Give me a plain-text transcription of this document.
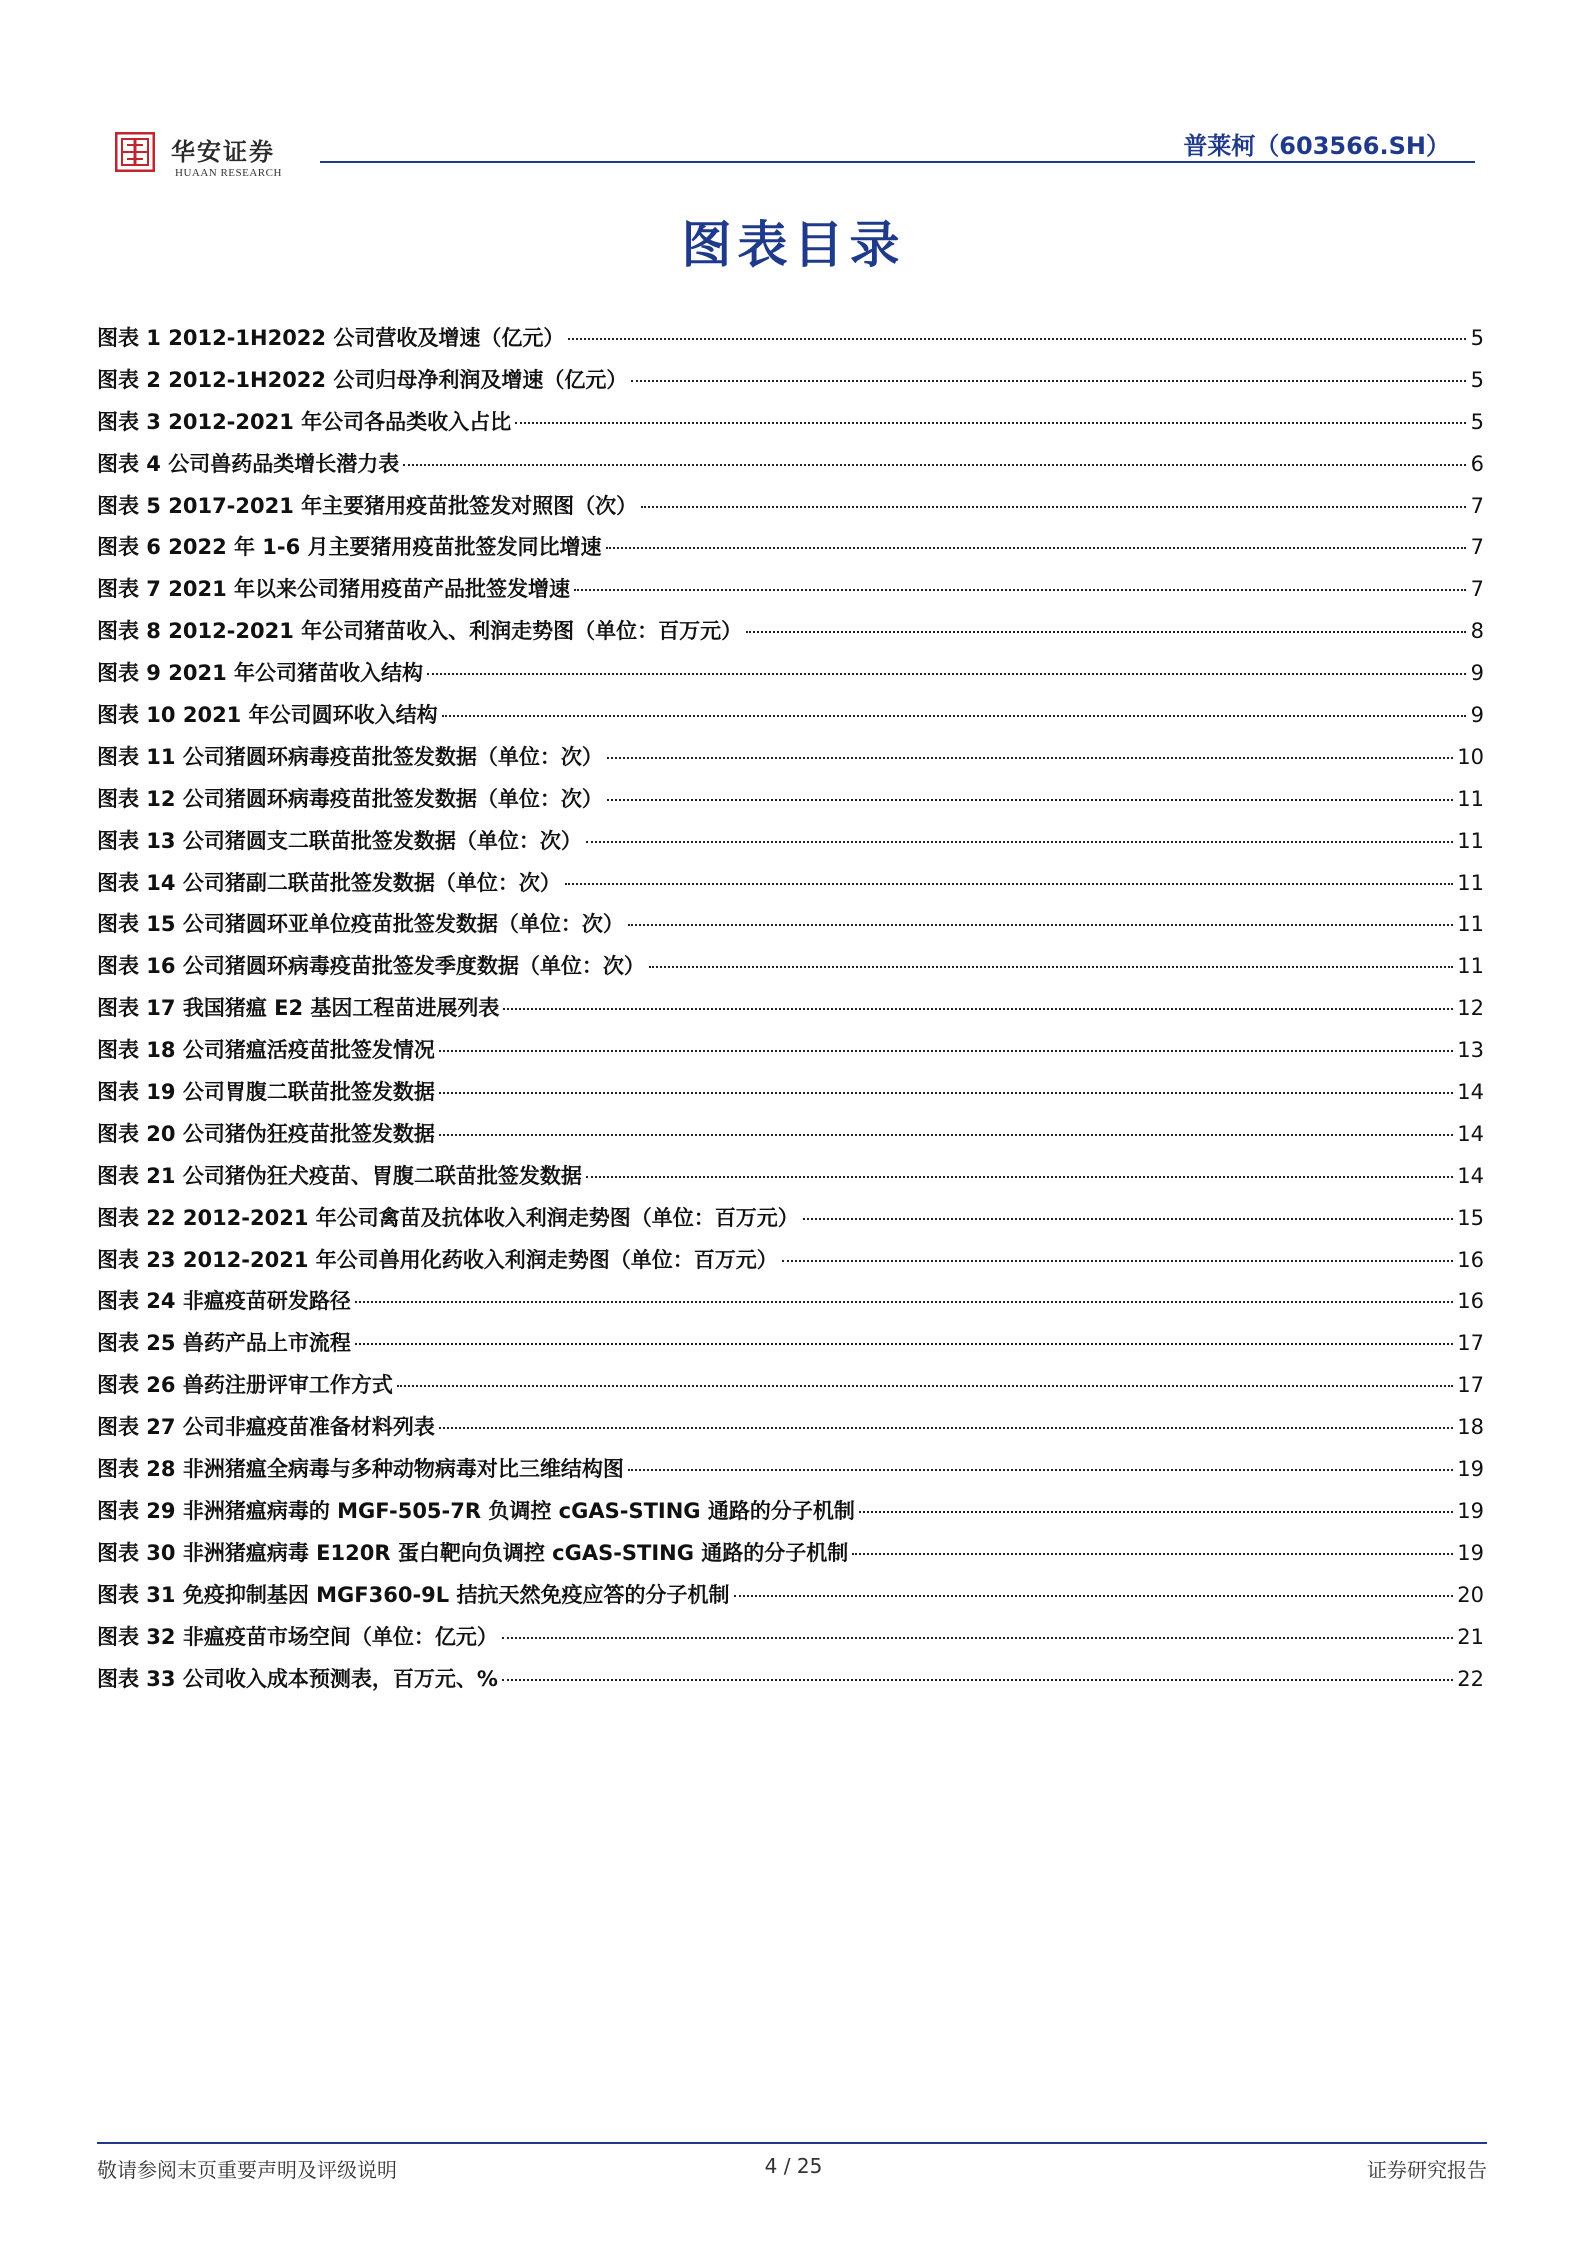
华安证券
HUAAN RESEARCH
普莱柯（603566.SH）
图表目录
图表 1 2012-1H2022 公司营收及增速（亿元）	5
图表 2 2012-1H2022 公司归母净利润及增速（亿元）	5
图表 3 2012-2021 年公司各品类收入占比	5
图表 4 公司兽药品类增长潜力表	6
图表 5 2017-2021 年主要猪用疫苗批签发对照图（次）	7
图表 6 2022 年 1-6 月主要猪用疫苗批签发同比增速	7
图表 7 2021 年以来公司猪用疫苗产品批签发增速	7
图表 8 2012-2021 年公司猪苗收入、利润走势图（单位：百万元）	8
图表 9 2021 年公司猪苗收入结构	9
图表 10 2021 年公司圆环收入结构	9
图表 11 公司猪圆环病毒疫苗批签发数据（单位：次）	10
图表 12 公司猪圆环病毒疫苗批签发数据（单位：次）	11
图表 13 公司猪圆支二联苗批签发数据（单位：次）	11
图表 14 公司猪副二联苗批签发数据（单位：次）	11
图表 15 公司猪圆环亚单位疫苗批签发数据（单位：次）	11
图表 16 公司猪圆环病毒疫苗批签发季度数据（单位：次）	11
图表 17 我国猪瘟 E2 基因工程苗进展列表	12
图表 18 公司猪瘟活疫苗批签发情况	13
图表 19 公司胃腹二联苗批签发数据	14
图表 20 公司猪伪狂疫苗批签发数据	14
图表 21 公司猪伪狂犬疫苗、胃腹二联苗批签发数据	14
图表 22 2012-2021 年公司禽苗及抗体收入利润走势图（单位：百万元）	15
图表 23 2012-2021 年公司兽用化药收入利润走势图（单位：百万元）	16
图表 24 非瘟疫苗研发路径	16
图表 25 兽药产品上市流程	17
图表 26 兽药注册评审工作方式	17
图表 27 公司非瘟疫苗准备材料列表	18
图表 28 非洲猪瘟全病毒与多种动物病毒对比三维结构图	19
图表 29 非洲猪瘟病毒的 MGF-505-7R 负调控 cGAS-STING 通路的分子机制	19
图表 30 非洲猪瘟病毒 E120R 蛋白靶向负调控 cGAS-STING 通路的分子机制	19
图表 31 免疫抑制基因 MGF360-9L 拮抗天然免疫应答的分子机制	20
图表 32 非瘟疫苗市场空间（单位：亿元）	21
图表 33 公司收入成本预测表，百万元、%	22
敬请参阅末页重要声明及评级说明	4 / 25	证券研究报告
